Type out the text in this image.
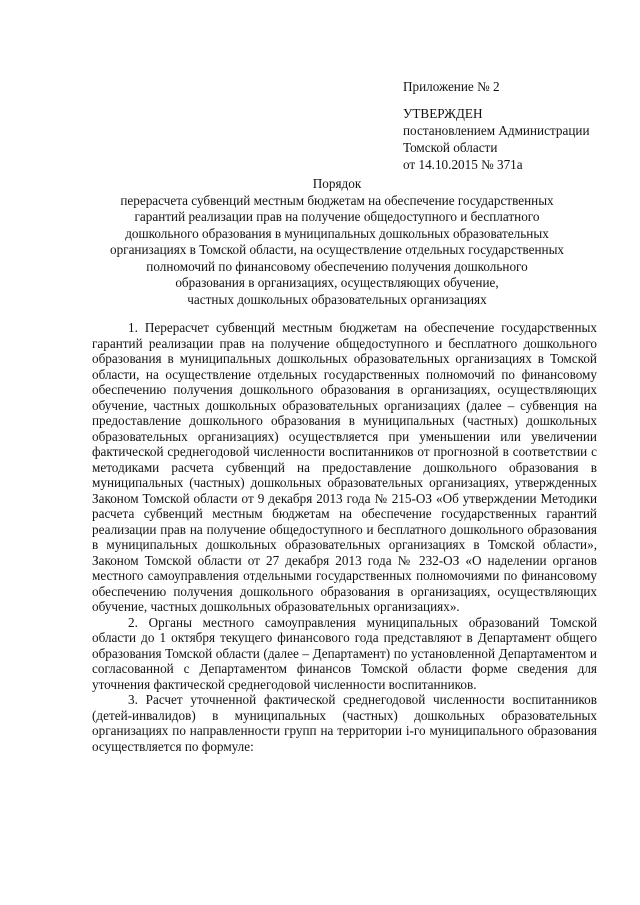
Приложение № 2
УТВЕРЖДЕН
постановлением Администрации
Томской области
от 14.10.2015 № 371а
Порядок
перерасчета субвенций местным бюджетам на обеспечение государственных
гарантий реализации прав на получение общедоступного и бесплатного
дошкольного образования в муниципальных дошкольных образовательных
организациях в Томской области, на осуществление отдельных государственных
полномочий по финансовому обеспечению получения дошкольного
образования в организациях, осуществляющих обучение,
частных дошкольных образовательных организациях

1. Перерасчет субвенций местным бюджетам на обеспечение государственных гарантий реализации прав на получение общедоступного и бесплатного дошкольного образования в муниципальных дошкольных образовательных организациях в Томской области, на осуществление отдельных государственных полномочий по финансовому обеспечению получения дошкольного образования в организациях, осуществляющих обучение, частных дошкольных образовательных организациях (далее – субвенция на предоставление дошкольного образования в муниципальных (частных) дошкольных образовательных организациях) осуществляется при уменьшении или увеличении фактической среднегодовой численности воспитанников от прогнозной в соответствии с методиками расчета субвенций на предоставление дошкольного образования в муниципальных (частных) дошкольных образовательных организациях, утвержденных Законом Томской области от 9 декабря 2013 года № 215-ОЗ «Об утверждении Методики расчета субвенций местным бюджетам на обеспечение государственных гарантий реализации прав на получение общедоступного и бесплатного дошкольного образования в муниципальных дошкольных образовательных организациях в Томской области», Законом Томской области от 27 декабря 2013 года № 232-ОЗ «О наделении органов местного самоуправления отдельными государственных полномочиями по финансовому обеспечению получения дошкольного образования в организациях, осуществляющих обучение, частных дошкольных образовательных организациях».

2. Органы местного самоуправления муниципальных образований Томской области до 1 октября текущего финансового года представляют в Департамент общего образования Томской области (далее – Департамент) по установленной Департаментом и согласованной с Департаментом финансов Томской области форме сведения для уточнения фактической среднегодовой численности воспитанников.

3. Расчет уточненной фактической среднегодовой численности воспитанников (детей-инвалидов) в муниципальных (частных) дошкольных образовательных организациях по направленности групп на территории i-го муниципального образования осуществляется по формуле:
